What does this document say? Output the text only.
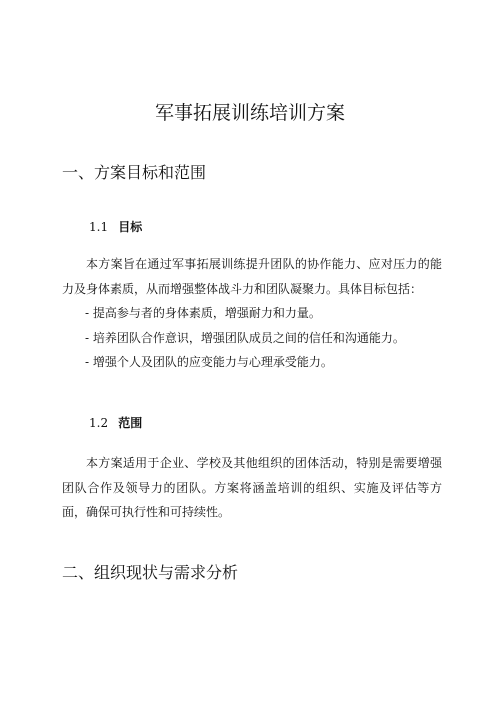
军事拓展训练培训方案
一、方案目标和范围
1.1 目标

本方案旨在通过军事拓展训练提升团队的协作能力、应对压力的能力及身体素质，从而增强整体战斗力和团队凝聚力。具体目标包括：

- 提高参与者的身体素质，增强耐力和力量。
- 培养团队合作意识，增强团队成员之间的信任和沟通能力。
- 增强个人及团队的应变能力与心理承受能力。
1.2 范围

本方案适用于企业、学校及其他组织的团体活动，特别是需要增强团队合作及领导力的团队。方案将涵盖培训的组织、实施及评估等方面，确保可执行性和可持续性。

二、组织现状与需求分析
